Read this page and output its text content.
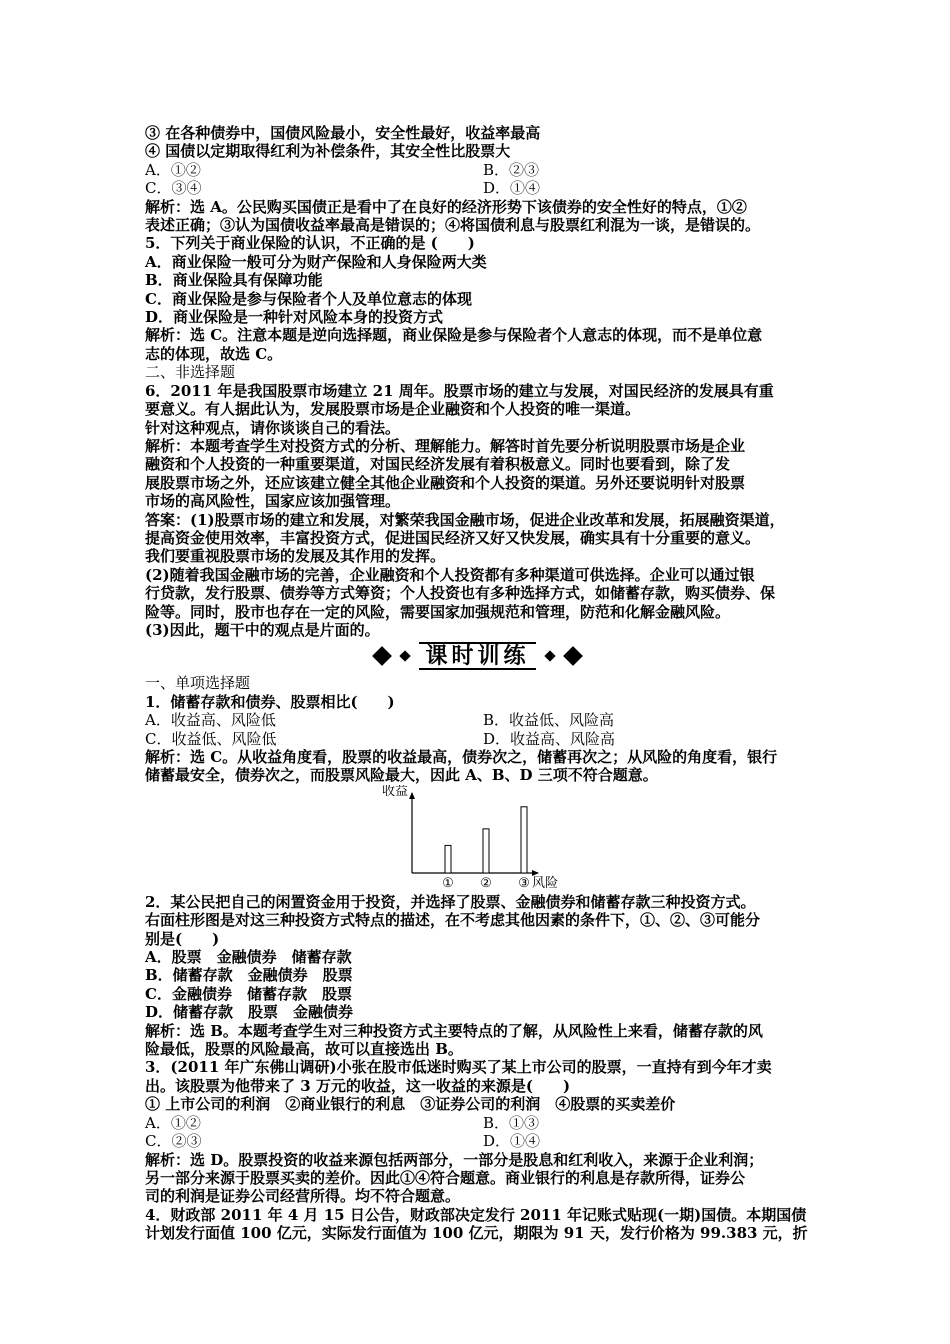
③ 在各种债券中，国债风险最小，安全性最好，收益率最高

④ 国债以定期取得红利为补偿条件，其安全性比股票大

A．①②	B．②③
C．③④	D．①④

解析：选 A。公民购买国债正是看中了在良好的经济形势下该债券的安全性好的特点，①②

表述正确；③认为国债收益率最高是错误的；④将国债利息与股票红利混为一谈，是错误的。

5．下列关于商业保险的认识，不正确的是 (　　)

A．商业保险一般可分为财产保险和人身保险两大类

B．商业保险具有保障功能

C．商业保险是参与保险者个人及单位意志的体现

D．商业保险是一种针对风险本身的投资方式

解析：选 C。注意本题是逆向选择题，商业保险是参与保险者个人意志的体现，而不是单位意

志的体现，故选 C。

二、非选择题

6．2011 年是我国股票市场建立 21 周年。股票市场的建立与发展，对国民经济的发展具有重

要意义。有人据此认为，发展股票市场是企业融资和个人投资的唯一渠道。

针对这种观点，请你谈谈自己的看法。

解析：本题考查学生对投资方式的分析、理解能力。解答时首先要分析说明股票市场是企业

融资和个人投资的一种重要渠道，对国民经济发展有着积极意义。同时也要看到，除了发

展股票市场之外，还应该建立健全其他企业融资和个人投资的渠道。另外还要说明针对股票

市场的高风险性，国家应该加强管理。

答案：(1)股票市场的建立和发展，对繁荣我国金融市场，促进企业改革和发展，拓展融资渠道，

提高资金使用效率，丰富投资方式，促进国民经济又好又快发展，确实具有十分重要的意义。

我们要重视股票市场的发展及其作用的发挥。

(2)随着我国金融市场的完善，企业融资和个人投资都有多种渠道可供选择。企业可以通过银

行贷款，发行股票、债券等方式筹资；个人投资也有多种选择方式，如储蓄存款，购买债券、保

险等。同时，股市也存在一定的风险，需要国家加强规范和管理，防范和化解金融风险。

(3)因此，题干中的观点是片面的。

课时训练

一、单项选择题

1．储蓄存款和债券、股票相比(　　)

A．收益高、风险低	B．收益低、风险高
C．收益低、风险低	D．收益高、风险高

解析：选 C。从收益角度看，股票的收益最高，债券次之，储蓄再次之；从风险的角度看，银行

储蓄最安全，债券次之，而股票风险最大，因此 A、B、D 三项不符合题意。

收益
风险
① ② ③

2．某公民把自己的闲置资金用于投资，并选择了股票、金融债券和储蓄存款三种投资方式。

右面柱形图是对这三种投资方式特点的描述，在不考虑其他因素的条件下，①、②、③可能分

别是(　　)

A．股票　金融债券　储蓄存款

B．储蓄存款　金融债券　股票

C．金融债券　储蓄存款　股票

D．储蓄存款　股票　金融债券

解析：选 B。本题考查学生对三种投资方式主要特点的了解，从风险性上来看，储蓄存款的风

险最低，股票的风险最高，故可以直接选出 B。

3．(2011 年广东佛山调研)小张在股市低迷时购买了某上市公司的股票，一直持有到今年才卖

出。该股票为他带来了 3 万元的收益，这一收益的来源是(　　)

① 上市公司的利润　②商业银行的利息　③证券公司的利润　④股票的买卖差价

A．①②	B．①③
C．②③	D．①④

解析：选 D。股票投资的收益来源包括两部分，一部分是股息和红利收入，来源于企业利润；

另一部分来源于股票买卖的差价。因此①④符合题意。商业银行的利息是存款所得，证券公

司的利润是证券公司经营所得。均不符合题意。

4．财政部 2011 年 4 月 15 日公告，财政部决定发行 2011 年记账式贴现(一期)国债。本期国债

计划发行面值 100 亿元，实际发行面值为 100 亿元，期限为 91 天，发行价格为 99.383 元，折
